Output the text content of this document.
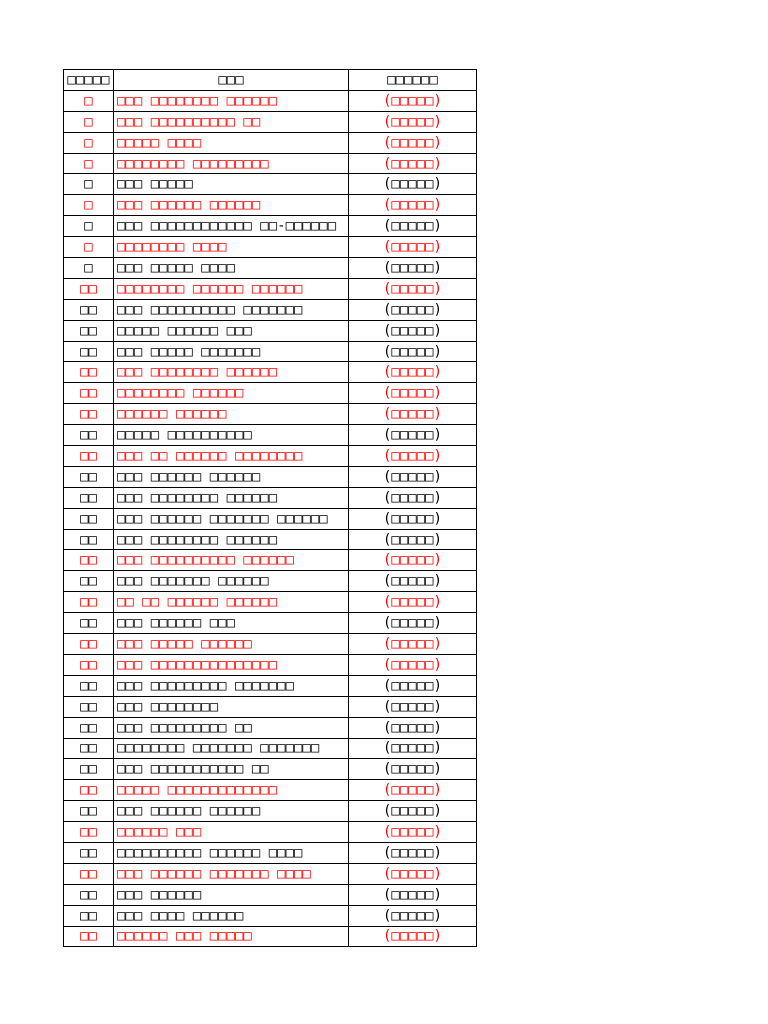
□□□□□	□□□	□□□□□□
□	□□□ □□□□□□□□ □□□□□□	(□□□□□)
□	□□□ □□□□□□□□□□ □□	(□□□□□)
□	□□□□□ □□□□	(□□□□□)
□	□□□□□□□□ □□□□□□□□□	(□□□□□)
□	□□□ □□□□□	(□□□□□)
□	□□□ □□□□□□ □□□□□□	(□□□□□)
□	□□□ □□□□□□□□□□□□ □□-□□□□□□	(□□□□□)
□	□□□□□□□□ □□□□	(□□□□□)
□	□□□ □□□□□ □□□□	(□□□□□)
□□	□□□□□□□□ □□□□□□ □□□□□□	(□□□□□)
□□	□□□ □□□□□□□□□□ □□□□□□□	(□□□□□)
□□	□□□□□ □□□□□□ □□□	(□□□□□)
□□	□□□ □□□□□ □□□□□□□	(□□□□□)
□□	□□□ □□□□□□□□ □□□□□□	(□□□□□)
□□	□□□□□□□□ □□□□□□	(□□□□□)
□□	□□□□□□ □□□□□□	(□□□□□)
□□	□□□□□ □□□□□□□□□□	(□□□□□)
□□	□□□ □□ □□□□□□ □□□□□□□□	(□□□□□)
□□	□□□ □□□□□□ □□□□□□	(□□□□□)
□□	□□□ □□□□□□□□ □□□□□□	(□□□□□)
□□	□□□ □□□□□□ □□□□□□□ □□□□□□	(□□□□□)
□□	□□□ □□□□□□□□ □□□□□□	(□□□□□)
□□	□□□ □□□□□□□□□□ □□□□□□	(□□□□□)
□□	□□□ □□□□□□□ □□□□□□	(□□□□□)
□□	□□ □□ □□□□□□ □□□□□□	(□□□□□)
□□	□□□ □□□□□□ □□□	(□□□□□)
□□	□□□ □□□□□ □□□□□□	(□□□□□)
□□	□□□ □□□□□□□□□□□□□□□	(□□□□□)
□□	□□□ □□□□□□□□□ □□□□□□□	(□□□□□)
□□	□□□ □□□□□□□□	(□□□□□)
□□	□□□ □□□□□□□□□ □□	(□□□□□)
□□	□□□□□□□□ □□□□□□□ □□□□□□□	(□□□□□)
□□	□□□ □□□□□□□□□□□ □□	(□□□□□)
□□	□□□□□ □□□□□□□□□□□□□	(□□□□□)
□□	□□□ □□□□□□ □□□□□□	(□□□□□)
□□	□□□□□□ □□□	(□□□□□)
□□	□□□□□□□□□□ □□□□□□ □□□□	(□□□□□)
□□	□□□ □□□□□□ □□□□□□□ □□□□	(□□□□□)
□□	□□□ □□□□□□	(□□□□□)
□□	□□□ □□□□ □□□□□□	(□□□□□)
□□	□□□□□□ □□□ □□□□□	(□□□□□)
